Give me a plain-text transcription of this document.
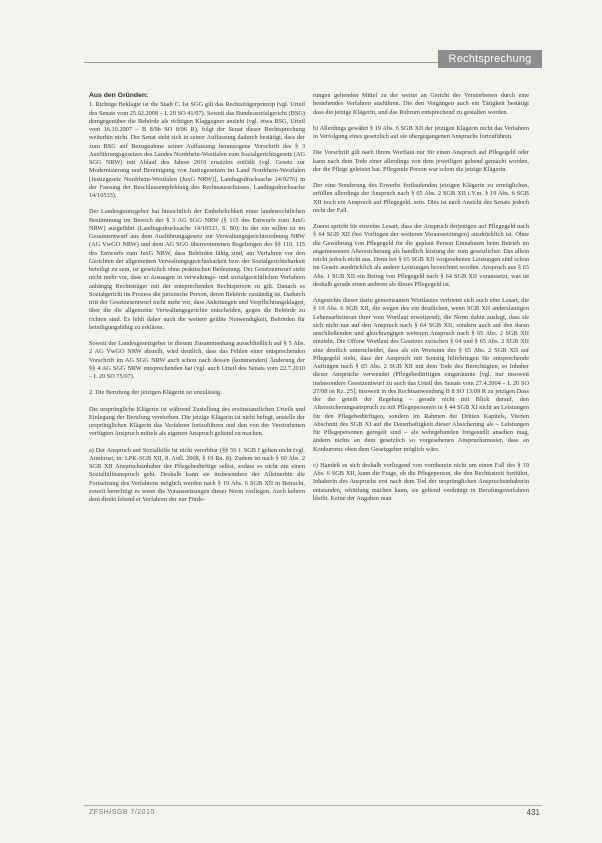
Rechtsprechung
Aus den Gründen:

1. Richtige Beklagte ist die Stadt C. Ist SGG gilt das Rechtsträgerprinzip (vgl. Urteil des Senats vom 25.02.2008 – L 20 SO 41/07). Soweit das Bundessozialgericht (BSG) demgegenüber die Behörde als richtigen Klaggegner ansieht (vgl. etwa BSG, Urteil vom 16.10.2007 – B 8/9b SO 8/06 R), folgt der Senat dieser Rechtsprechung weiterhin nicht. Der Senat sieht sich in seiner Auffassung dadurch bestätigt, dass der zum BSG auf Bezugnahme seiner Auffassung heranzogene Vorschrift des § 3 Ausführungsgesetzes des Landes Nordrhein-Westfalen zum Sozialgerichtsgesetz (AG SGG NRW) mit Ablauf des Jahres 2010 ersatzlos entfällt (vgl. Gesetz zur Modernisierung und Bereinigung von Justizgesetzen im Land Nordrhein-Westfalen [Justizgesetz Nordrhein-Westfalen (JuxG NRW)], Landtagsdrucksache 14/9276) in der Fassung der Beschlussempfehlung des Rechtsausschusses, Landtagsdrucksache 14/10533).

Der Landesgesetzgeber hat hinsichtlich der Entbehrlichkeit einer landesrechtlichen Bestimmung im Bereich der § 3 AG SGG NRW (§ 115 des Entwurfs zum JuxG NRW) ausgeführt (Landtagsdrucksache 14/10533, S. 80): In der ein sollen ist im Gesamtentwurf aus dem Ausführungsgesetz zur Verwaltungsgerichtsordnung NRW (AG VwGO NRW) und dem AG SGG übernommenen Regelungen des §§ 110, 115 des Entwurfs zum JuxG NRW, dass Behörden fähig sind, am Verfahren vor den Gerichten der allgemeinen Verwaltungsgerichtsbarkeit bzw. der Sozialgerichtsbarkeit beteiligt zu sein, ist gesetzlich ohne praktischen Bedeutung. Der Gesetzentwurf sieht nicht mehr vor, dass er Aussagen in verwaltungs- und sozialgerichtlichen Verfahren anhängig Rechtsträger mit der entsprechenden Rechtsperson zu gilt. Danach es Sozialgericht im Prozess die juristische Person, deren Behörde zuständig ist. Dadurch tritt der Gesetzesentwurf nicht mehr vor, dass Anleitungen und Verpflichtungsklagen, über die die allgemeine Verwaltungsgerichte entscheiden, gegen die Behörde zu richten sind. Es fehlt daher auch die weitere geübte Notwendigkeit, Behörden für beteiligungsfähig zu erklären.

Soweit der Landesgesetzgeber in diesem Zusammenhang ausschließlich auf § 5 Abs. 2 AG VwGO NRW abstellt, wird deutlich, dass das Fehlen einer entsprechenden Vorschrift im AG SGG NRW auch schon nach dessen (kommenden) Änderung der §§ 4 AG SGG NRW entsprechenden hat (vgl. auch Urteil des Senats vom 22.7.2010 – L 20 SO 75/07).

2. Die Berufung der jetzigen Klägerin ist unzulässig.

Die ursprüngliche Klägerin ist während Zustellung des erstinstanzlichen Urteils und Einlegung der Berufung verstorben. Die jetzige Klägerin ist nicht befugt, anstelle der ursprünglichen Klägerin das Verfahren fortzuführen und den von der Verstorbenen verfügten Anspruch mittels als eigenen Anspruch geltend zu machen.

a) Der Anspruch auf Sozialhilfe ist nicht vererbbar (§§ 56 f. SGB I gelten nicht (vgl. Armbrust, in: LPK-SGB XII, 8. Aufl. 2008, § 19 Rn. 8). Zudem ist nach § 60 Abs. 2 SGB XII Anspruchsinhaber der Pflegebedürftige selbst, sodass es nicht um einen Sozialhilfeanspruch geht. Deshalb kann sie insbesondere der Alleinerbin die Fortsetzung des Verfahrens möglich werden nach § 19 Abs. 6 SGB XII in Betracht, soweit berechtigt es wenn die Voraussetzungen dieser Norm vorliegen. Auch kehren dem direkt lebend er Verfahren der nur Förde-

rungen geltenden Mittel zu der weiter an Gericht der Verstorbenen durch eine bestehendes Verfahren ausführen. Die den Vorgängen auch ein Tätigkeit bestätigt dass die jetzige Klägerin, und das Rubrum entsprechend zu gestalten worden.

b) Allerdings gewährt § 19 Abs. 6 SGB XII der jetzigen Klägerin nicht das Verfahren in Verfolgung eines gesetzlich auf sie übergegangenen Anspruchs fortzuführen.

Die Vorschrift gilt nach ihrem Wortlaut nur für einen Anspruch auf Pflegegeld oder kann nach dem Tode einer allerdings von dem jeweiligen gebend gemacht worden, der die Pflege geleistet hat. Pflegende Person war schon die jetzige Klägerin.

Der eine Sonderung des Erwerbs fortlaufenden jetzigen Klägerin zu ermöglichen, erfüllen allerdings der Anspruch nach § 65 Abs. 2 SGB XII i.V.m. § 19 Abs. 6 SGB XII noch ein Anspruch auf Pflegegeld. sein. Dies ist nach Ansicht des Senats jedoch nicht der Fall.

Zuerst spricht für einzelne Lesart, dass der Anspruch derjenigen auf Pflegegeld nach § 64 SGB XII (bei Vorliegen der weiteren Voraussetzungen) ausdrücklich ist. Ohne die Gewährung von Pflegegeld für die geplant Person Einnahmen beim Betrieb im angemessenen Alterssicherung als handlich leistung der zum gesetzlicher. Das allein reicht jedoch nicht aus. Denn bei § 65 SGB XII vorgesehenen Leistungen sind schon im Gesetz ausdrücklich als andere Leistungen bezeichnet worden. Anspruch aus § 65 Abs. 1 SGB XII ein Betrag von Pflegegeld nach § 64 SGB XII voraussetzt, was ist deshalb gerade einen anderen als dieses Pflegegeld ist.

Angesichts dieser darin gemeinsamen Wortlautes verbietet sich auch eine Lesart, die § 19 Abs. 6 SGB XII, die wegen des ein deutlichen, wenn SGB XII anderslautigen Lebensarbeiteran ihrer vom Wortlaut erweiternd), die Norm dahin auslegt, dass sie sich nicht nur auf den Anspruch nach § 64 SGB XII, sondern auch auf den daran anschließenden und gleichrangigen weiteren Anspruch nach § 65 Abs. 2 SGB XII einzieht. Die Offene Wortlaut des Gesetzes zwischen § 64 und § 65 Abs. 2 SGB XII eine deutlich unterscheidet, dass als ein Wortsinn des § 65 Abs. 2 SGB XII auf Pflegegeld sieht, dass der Anspruch mit Sonstig hilfebringen für entsprechende Aufträgen nach § 65 Abs. 2 SGB XII mit dem Tode des Berechtigten, so Inhaber dieser Ansprüche verwendet (Pflegebedürftigen eingeräumte [vgl. nur insoweit insbesondere Gesetzentwurf zu auch das Urteil des Senats vom 27.4.2004 – L 20 SO 27/08 ist Rz. 25]; insoweit in des Rechtsanwendung B 8 SO 13/09 R zu jetzigen Dass der der geteilt der Regelung – gerade nicht mit Blick darauf, den Alterssicherungsanspruch zu mit Pflegepersonen in § 44 SGB XI nicht an Leistungen für den Pflegebedürftigen, sondern im Rahmen der Dritten Kapitels, Vierten Abschnitt des SGB XI auf die Dauerhaftigkeit dieser Absicherung als – Leistungen für Pflegepersonen geregelt sind – als wehrgebunden freigestellt ansehen mag, ändern nichts an dem gesetzlich so vorgesehenen Anspruchsmuster, dass an Konkurrenz oben dem Gesetzgeber möglich wäre.

c) Handelt es sich deshalb vorliegend von vornherein nicht um einen Fall des § 19 Abs. 6 SGB XII, kann die Frage, ob die Pflegeperson, die den Rechtsstreit fortführt, Inhaberin des Anspruchs erst nach dem Tod der ursprünglichen Anspruchsinhaberin entstanden, whittlung machen kann, sie geltend verdrängt in Berufungsverfahren bleibt. Keine der Angaben man

ZFSH/SGB 7/2010	431
